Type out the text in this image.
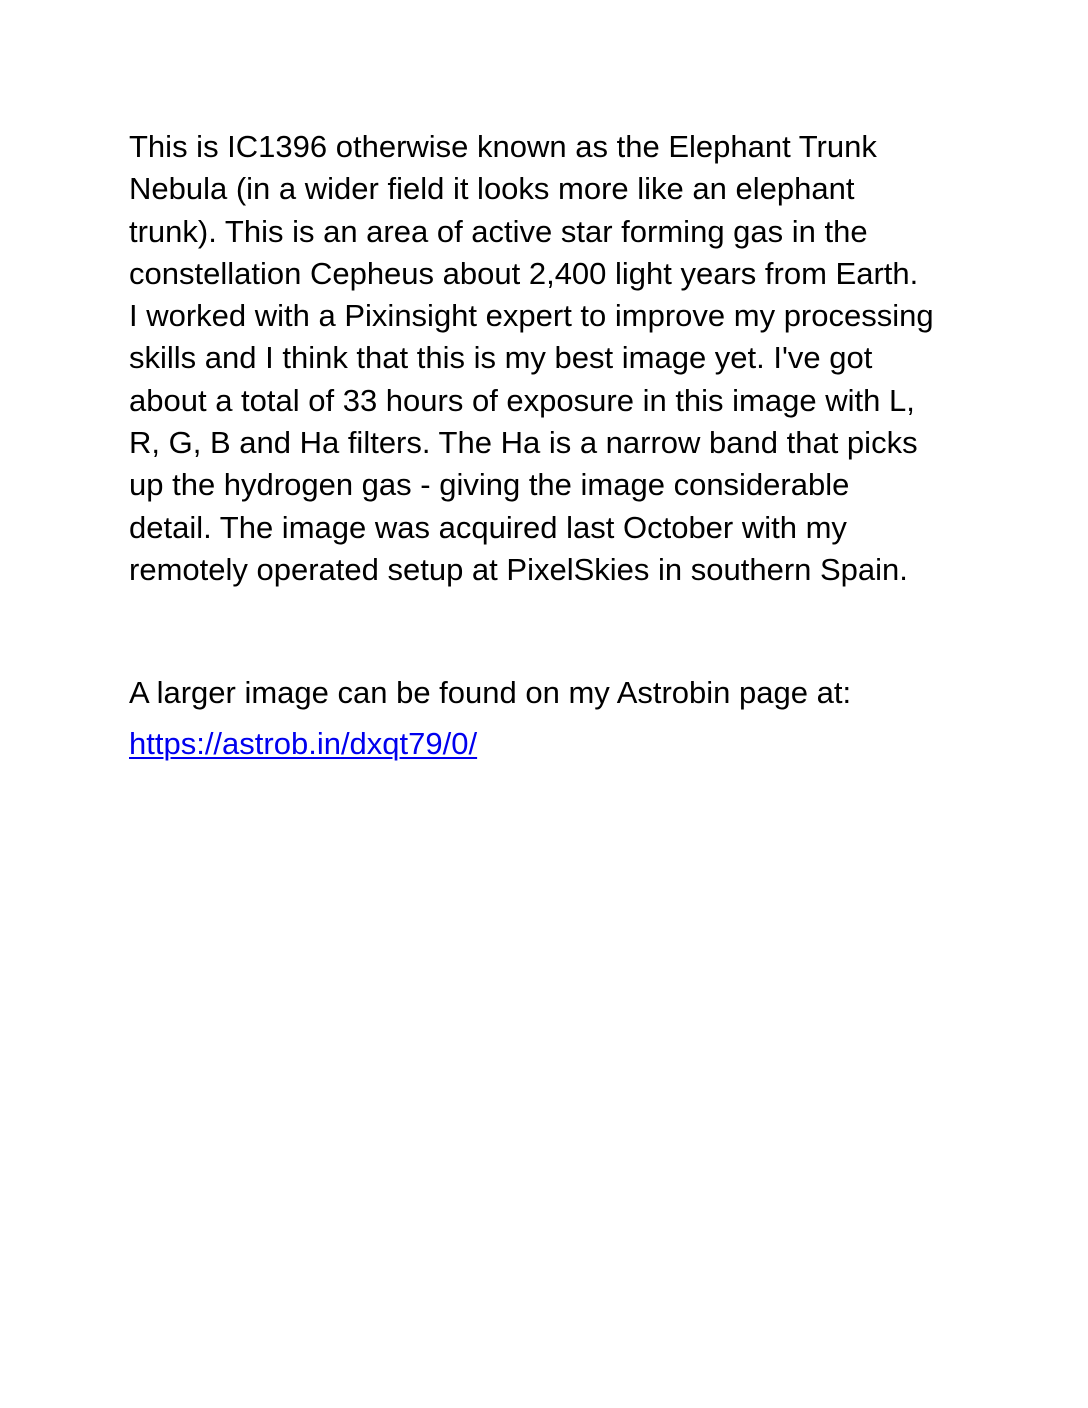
This is IC1396 otherwise known as the Elephant Trunk
Nebula (in a wider field it looks more like an elephant
trunk). This is an area of active star forming gas in the
constellation Cepheus about 2,400 light years from Earth.
I worked with a Pixinsight expert to improve my processing
skills and I think that this is my best image yet. I've got
about a total of 33 hours of exposure in this image with L,
R, G, B and Ha filters. The Ha is a narrow band that picks
up the hydrogen gas - giving the image considerable
detail. The image was acquired last October with my
remotely operated setup at PixelSkies in southern Spain.
A larger image can be found on my Astrobin page at:
https://astrob.in/dxqt79/0/
